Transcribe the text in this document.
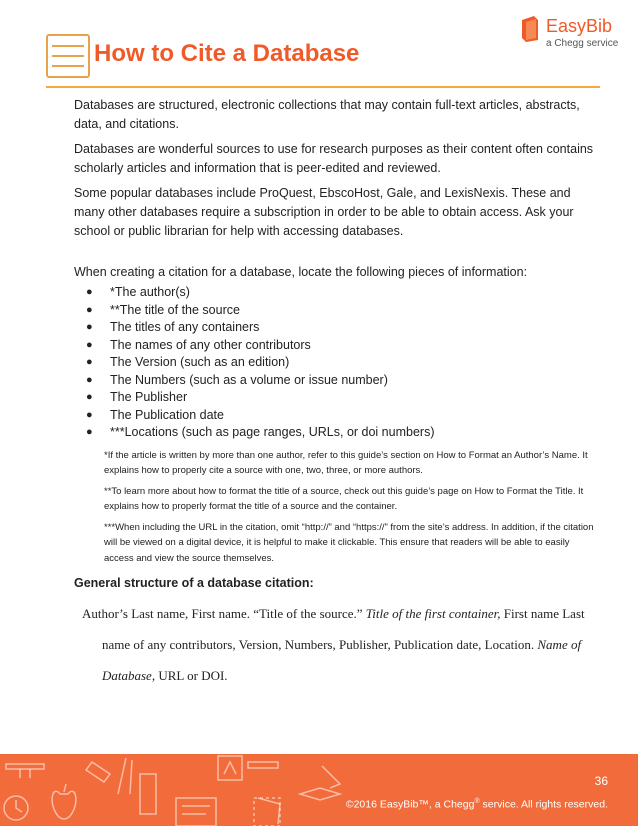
How to Cite a Database
EasyBib
a Chegg service

Databases are structured, electronic collections that may contain full-text articles, abstracts, data, and citations.

Databases are wonderful sources to use for research purposes as their content often contains scholarly articles and information that is peer-edited and reviewed.

Some popular databases include ProQuest, EbscoHost, Gale, and LexisNexis. These and many other databases require a subscription in order to be able to obtain access. Ask your school or public librarian for help with accessing databases.

When creating a citation for a database, locate the following pieces of information:

● *The author(s)
● **The title of the source
● The titles of any containers
● The names of any other contributors
● The Version (such as an edition)
● The Numbers (such as a volume or issue number)
● The Publisher
● The Publication date
● ***Locations (such as page ranges, URLs, or doi numbers)
*If the article is written by more than one author, refer to this guide’s section on How to Format an Author’s Name. It explains how to properly cite a source with one, two, three, or more authors.
**To learn more about how to format the title of a source, check out this guide’s page on How to Format the Title. It explains how to properly format the title of a source and the container.
***When including the URL in the citation, omit “http://” and “https://” from the site’s address. In addition, if the citation will be viewed on a digital device, it is helpful to make it clickable. This ensure that readers will be able to easily access and view the source themselves.
General structure of a database citation:
Author’s Last name, First name. “Title of the source.” Title of the first container, First name Last
name of any contributors, Version, Numbers, Publisher, Publication date, Location. Name of
Database, URL or DOI.
36
©2016 EasyBib™, a Chegg® service. All rights reserved.
